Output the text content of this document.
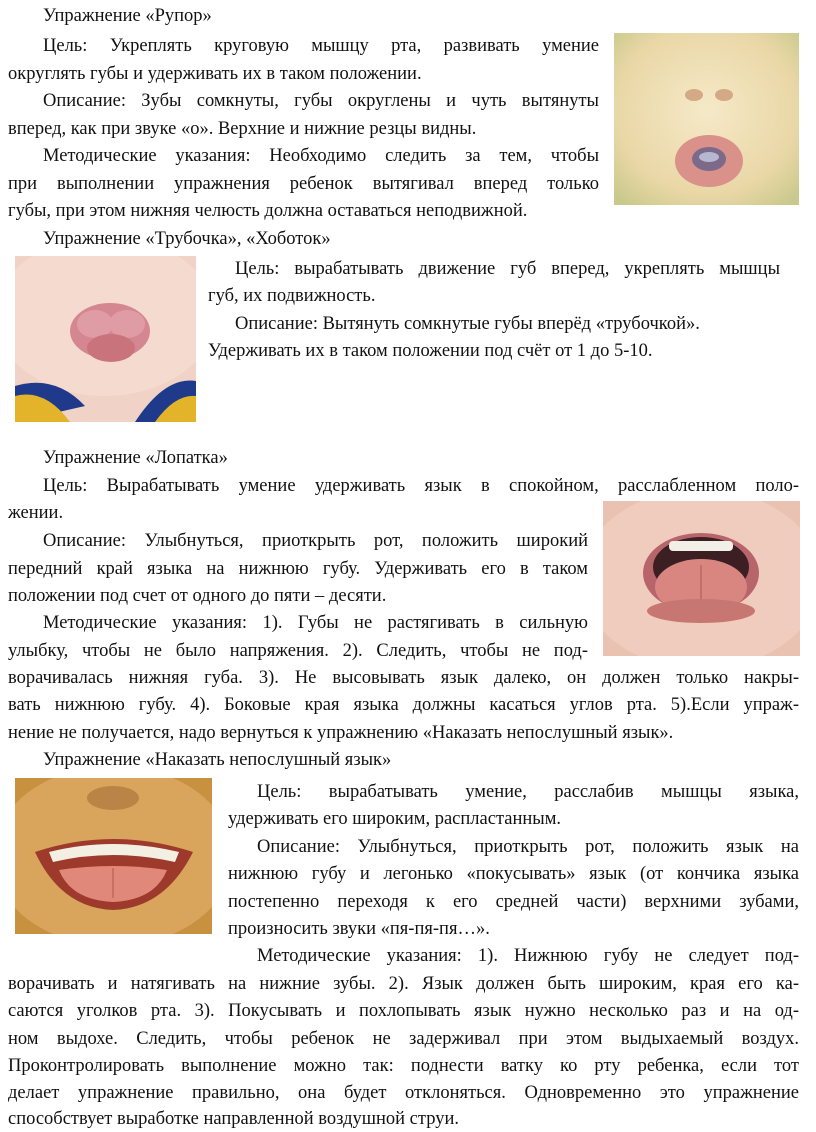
Упражнение «Рупор»
Цель: Укреплять круговую мышцу рта, развивать умение
округлять губы и удерживать их в таком положении.
Описание: Зубы сомкнуты, губы округлены и чуть вытянуты
вперед, как при звуке «о». Верхние и нижние резцы видны.
Методические указания: Необходимо следить за тем, чтобы
при выполнении упражнения ребенок вытягивал вперед только
губы, при этом нижняя челюсть должна оставаться неподвижной.
Упражнение «Трубочка», «Хоботок»
Цель: вырабатывать движение губ вперед, укреплять мышцы
губ, их подвижность.
Описание: Вытянуть сомкнутые губы вперёд «трубочкой».
Удерживать их в таком положении под счёт от 1 до 5-10.
Упражнение «Лопатка»
Цель: Вырабатывать умение удерживать язык в спокойном, расслабленном поло-
жении.
Описание: Улыбнуться, приоткрыть рот, положить широкий
передний край языка на нижнюю губу. Удерживать его в таком
положении под счет от одного до пяти – десяти.
Методические указания: 1). Губы не растягивать в сильную
улыбку, чтобы не было напряжения. 2). Следить, чтобы не под-
ворачивалась нижняя губа. 3). Не высовывать язык далеко, он должен только накры-
вать нижнюю губу. 4). Боковые края языка должны касаться углов рта. 5).Если упраж-
нение не получается, надо вернуться к упражнению «Наказать непослушный язык».
Упражнение «Наказать непослушный язык»
Цель: вырабатывать умение, расслабив мышцы языка,
удерживать его широким, распластанным.
Описание: Улыбнуться, приоткрыть рот, положить язык на
нижнюю губу и легонько «покусывать» язык (от кончика языка
постепенно переходя к его средней части) верхними зубами,
произносить звуки «пя-пя-пя…».
Методические указания: 1). Нижнюю губу не следует под-
ворачивать и натягивать на нижние зубы. 2). Язык должен быть широким, края его ка-
саются уголков рта. 3). Покусывать и похлопывать язык нужно несколько раз и на од-
ном выдохе. Следить, чтобы ребенок не задерживал при этом выдыхаемый воздух.
Проконтролировать выполнение можно так: поднести ватку ко рту ребенка, если тот
делает упражнение правильно, она будет отклоняться. Одновременно это упражнение
способствует выработке направленной воздушной струи.
